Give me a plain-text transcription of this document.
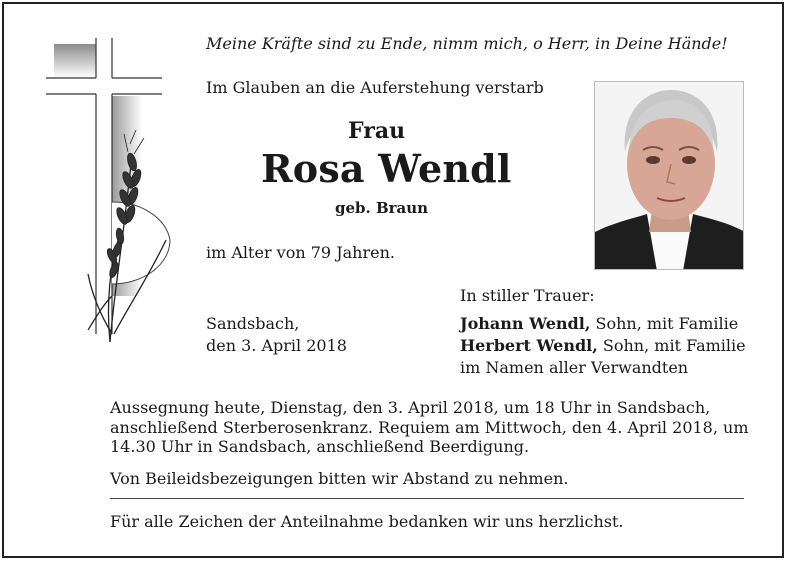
Meine Kräfte sind zu Ende, nimm mich, o Herr, in Deine Hände!
Im Glauben an die Auferstehung verstarb
Frau
Rosa Wendl
geb. Braun
im Alter von 79 Jahren.
In stiller Trauer:
Sandsbach,
den 3. April 2018
Johann Wendl, Sohn, mit Familie
Herbert Wendl, Sohn, mit Familie
im Namen aller Verwandten
Aussegnung heute, Dienstag, den 3. April 2018, um 18 Uhr in Sandsbach, anschließend Sterberosenkranz. Requiem am Mittwoch, den 4. April 2018, um 14.30 Uhr in Sandsbach, anschließend Beerdigung.
Von Beileidsbezeigungen bitten wir Abstand zu nehmen.
Für alle Zeichen der Anteilnahme bedanken wir uns herzlichst.
